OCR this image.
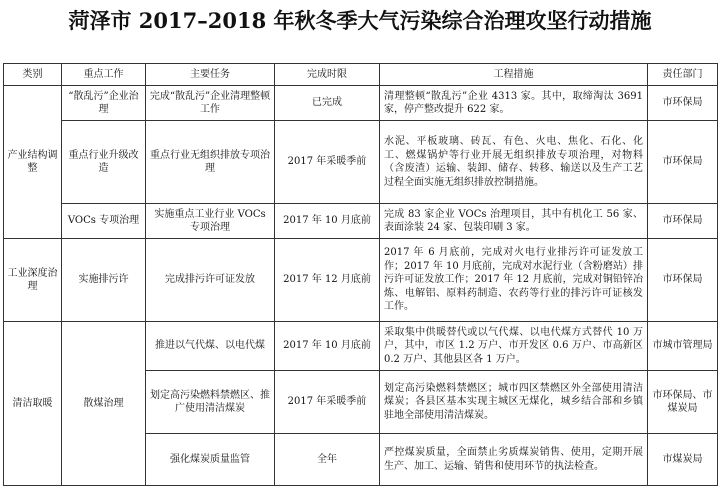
菏泽市 2017–2018 年秋冬季大气污染综合治理攻坚行动措施
类别	重点工作	主要任务	完成时限	工程措施	责任部门
产业结构调整	“散乱污”企业治理	完成“散乱污”企业清理整顿工作	已完成	清理整顿“散乱污”企业 4313 家。其中，取缔淘汰 3691 家，停产整改提升 622 家。	市环保局
	重点行业升级改造	重点行业无组织排放专项治理	2017 年采暖季前	水泥、平板玻璃、砖瓦、有色、火电、焦化、石化、化工、燃煤锅炉等行业开展无组织排放专项治理，对物料（含废渣）运输、装卸、储存、转移、输送以及生产工艺过程全面实施无组织排放控制措施。	市环保局
	VOCs 专项治理	实施重点工业行业 VOCs 专项治理	2017 年 10 月底前	完成 83 家企业 VOCs 治理项目，其中有机化工 56 家、表面涂装 24 家、包装印刷 3 家。	市环保局
工业深度治理	实施排污许	完成排污许可证发放	2017 年 12 月底前	2017 年 6 月底前，完成对火电行业排污许可证发放工作；2017 年 10 月底前，完成对水泥行业（含粉磨站）排污许可证发放工作；2017 年 12 月底前，完成对铜铅锌冶炼、电解铝、原料药制造、农药等行业的排污许可证核发工作。	市环保局
清洁取暖	散煤治理	推进以气代煤、以电代煤	2017 年 10 月底前	采取集中供暖替代或以气代煤、以电代煤方式替代 10 万户，其中，市区 1.2 万户、市开发区 0.6 万户、市高新区 0.2 万户、其他县区各 1 万户。	市城市管理局
		划定高污染燃料禁燃区、推广使用清洁煤炭	2017 年采暖季前	划定高污染燃料禁燃区；城市四区禁燃区外全部使用清洁煤炭；各县区基本实现主城区无煤化，城乡结合部和乡镇驻地全部使用清洁煤炭。	市环保局、市煤炭局
		强化煤炭质量监管	全年	严控煤炭质量，全面禁止劣质煤炭销售、使用，定期开展生产、加工、运输、销售和使用环节的执法检查。	市煤炭局
